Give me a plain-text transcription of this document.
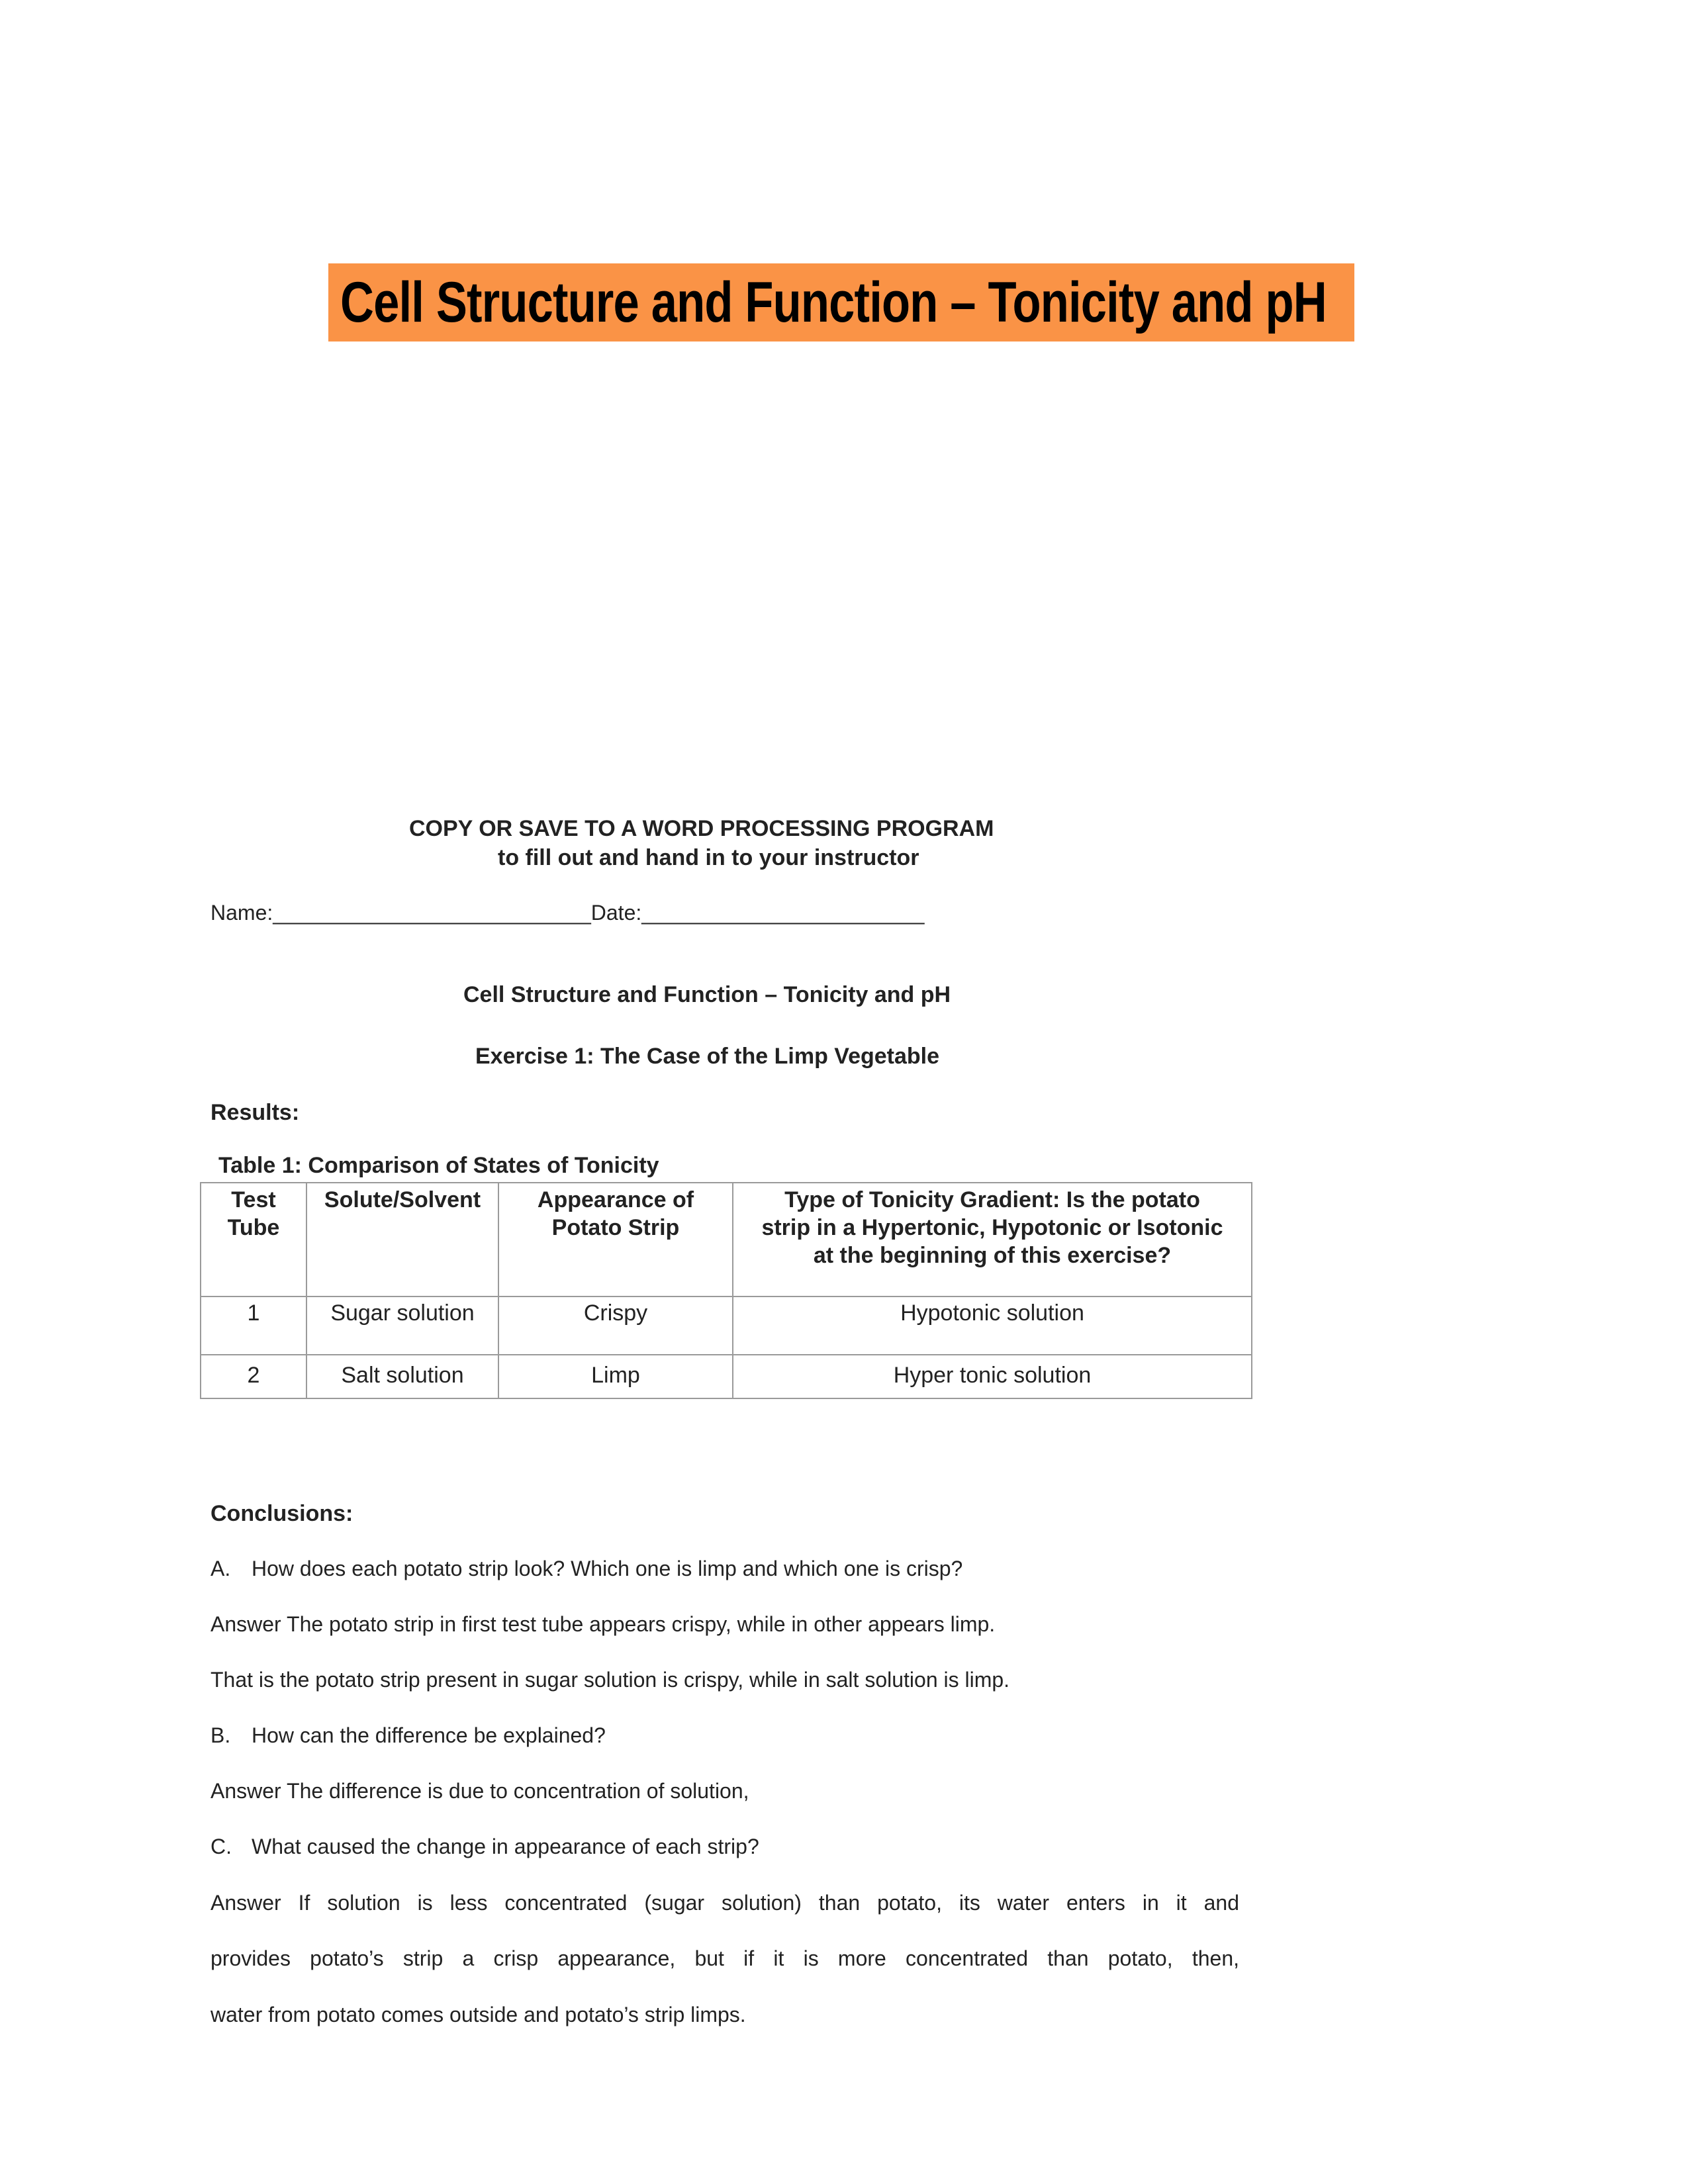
Cell Structure and Function – Tonicity and pH
COPY OR SAVE TO A WORD PROCESSING PROGRAM
to fill out and hand in to your instructor
Name:___________________________Date:________________________
Cell Structure and Function – Tonicity and pH
Exercise 1: The Case of the Limp Vegetable
Results:
Table 1: Comparison of States of Tonicity
Test Tube	Solute/Solvent	Appearance of Potato Strip	Type of Tonicity Gradient: Is the potato strip in a Hypertonic, Hypotonic or Isotonic at the beginning of this exercise?
1	Sugar solution	Crispy	Hypotonic solution
2	Salt solution	Limp	Hyper tonic solution
Conclusions:
A. How does each potato strip look? Which one is limp and which one is crisp?
Answer The potato strip in first test tube appears crispy, while in other appears limp.
That is the potato strip present in sugar solution is crispy, while in salt solution is limp.
B. How can the difference be explained?
Answer The difference is due to concentration of solution,
C. What caused the change in appearance of each strip?
Answer If solution is less concentrated (sugar solution) than potato, its water enters in it and
provides potato’s strip a crisp appearance, but if it is more concentrated than potato, then,
water from potato comes outside and potato’s strip limps.
